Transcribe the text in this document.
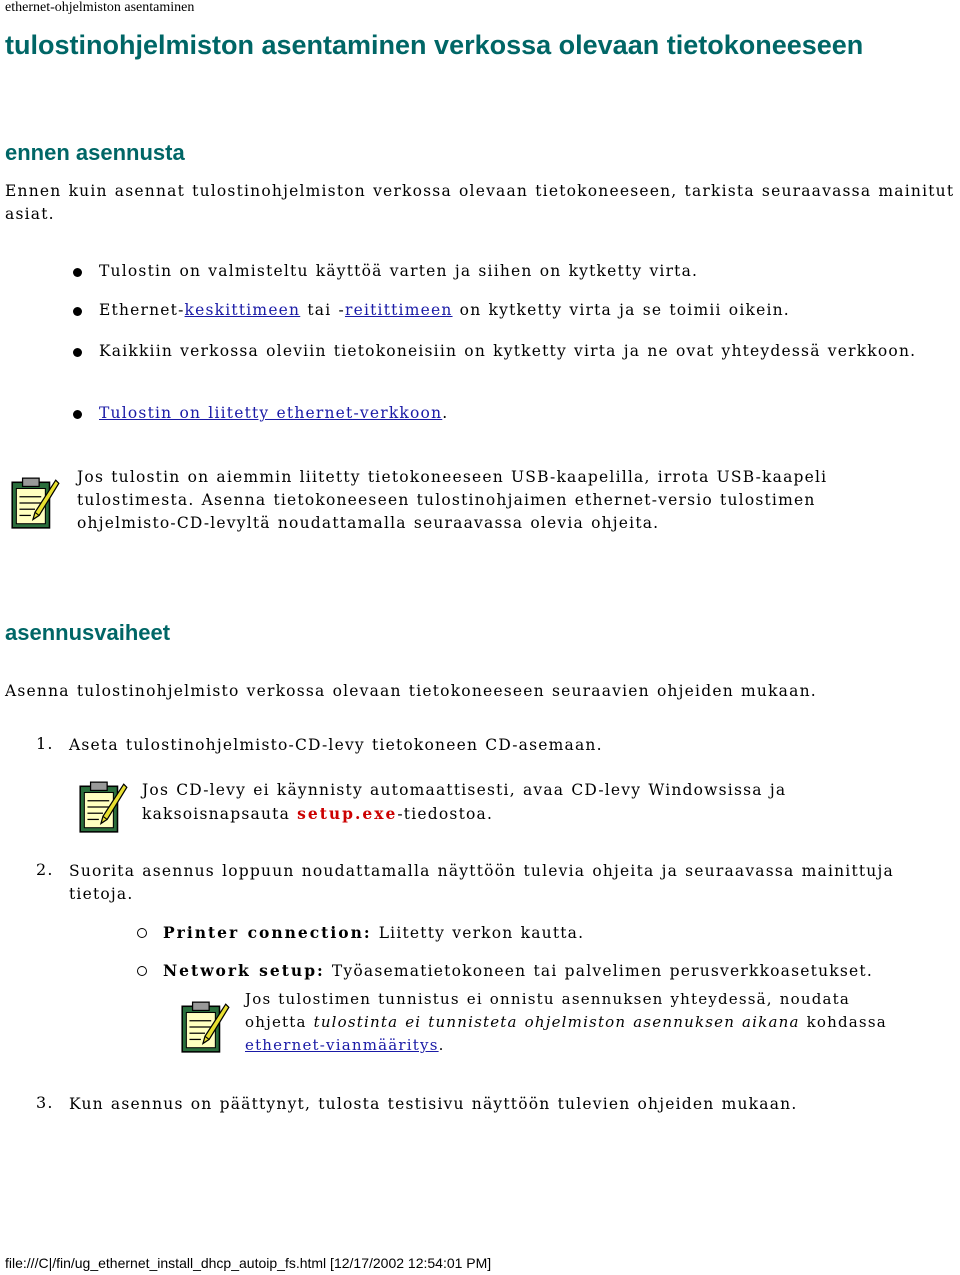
ethernet-ohjelmiston asentaminen
tulostinohjelmiston asentaminen verkossa olevaan tietokoneeseen
ennen asennusta

Ennen kuin asennat tulostinohjelmiston verkossa olevaan tietokoneeseen, tarkista seuraavassa mainitut asiat.

Tulostin on valmisteltu käyttöä varten ja siihen on kytketty virta.

Ethernet-keskittimeen tai -reitittimeen on kytketty virta ja se toimii oikein.

Kaikkiin verkossa oleviin tietokoneisiin on kytketty virta ja ne ovat yhteydessä verkkoon.

Tulostin on liitetty ethernet-verkkoon.

Jos tulostin on aiemmin liitetty tietokoneeseen USB-kaapelilla, irrota USB-kaapeli tulostimesta. Asenna tietokoneeseen tulostinohjaimen ethernet-versio tulostimen ohjelmisto-CD-levyltä noudattamalla seuraavassa olevia ohjeita.

asennusvaiheet

Asenna tulostinohjelmisto verkossa olevaan tietokoneeseen seuraavien ohjeiden mukaan.

1. Aseta tulostinohjelmisto-CD-levy tietokoneen CD-asemaan.

Jos CD-levy ei käynnisty automaattisesti, avaa CD-levy Windowsissa ja kaksoisnapsauta setup.exe-tiedostoa.

2. Suorita asennus loppuun noudattamalla näyttöön tulevia ohjeita ja seuraavassa mainittuja tietoja.

Printer connection: Liitetty verkon kautta.

Network setup: Työasematietokoneen tai palvelimen perusverkkoasetukset.

Jos tulostimen tunnistus ei onnistu asennuksen yhteydessä, noudata ohjetta tulostinta ei tunnisteta ohjelmiston asennuksen aikana kohdassa ethernet-vianmääritys.

3. Kun asennus on päättynyt, tulosta testisivu näyttöön tulevien ohjeiden mukaan.

file:///C|/fin/ug_ethernet_install_dhcp_autoip_fs.html [12/17/2002 12:54:01 PM]
